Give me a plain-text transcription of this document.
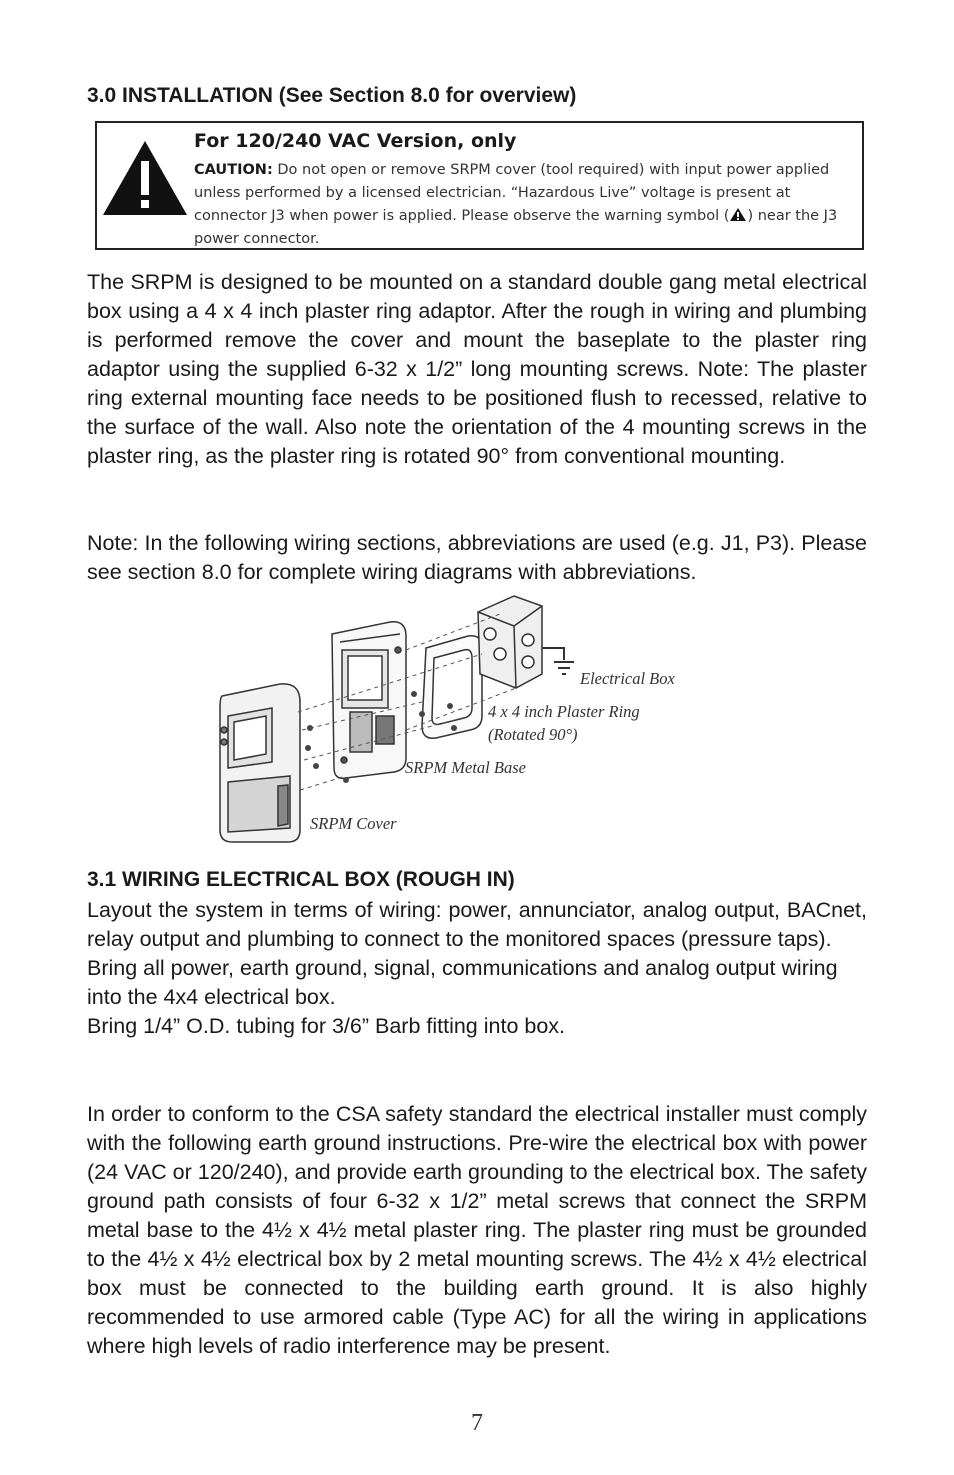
3.0 INSTALLATION (See Section 8.0 for overview)
For 120/240 VAC Version, only
CAUTION: Do not open or remove SRPM cover (tool required) with input power applied unless performed by a licensed electrician. “Hazardous Live” voltage is present at connector J3 when power is applied. Please observe the warning symbol ( ) near the J3 power connector.

The SRPM is designed to be mounted on a standard double gang metal electrical box using a 4 x 4 inch plaster ring adaptor. After the rough in wiring and plumbing is performed remove the cover and mount the baseplate to the plaster ring adaptor using the supplied 6-32 x 1/2” long mounting screws. Note: The plaster ring external mounting face needs to be positioned flush to recessed, relative to the surface of the wall. Also note the orientation of the 4 mounting screws in the plaster ring, as the plaster ring is rotated 90° from conventional mounting.

Note: In the following wiring sections, abbreviations are used (e.g. J1, P3). Please see section 8.0 for complete wiring diagrams with abbreviations.

Electrical Box
4 x 4 inch Plaster Ring
(Rotated 90°)
SRPM Metal Base
SRPM Cover
3.1 WIRING ELECTRICAL BOX (ROUGH IN)
Layout the system in terms of wiring: power, annunciator, analog output, BACnet, relay output and plumbing to connect to the monitored spaces (pressure taps).
Bring all power, earth ground, signal, communications and analog output wiring into the 4x4 electrical box.
Bring 1/4” O.D. tubing for 3/6” Barb fitting into box.

In order to conform to the CSA safety standard the electrical installer must comply with the following earth ground instructions. Pre-wire the electrical box with power (24 VAC or 120/240), and provide earth grounding to the electrical box. The safety ground path consists of four 6-32 x 1/2” metal screws that connect the SRPM metal base to the 4½ x 4½ metal plaster ring. The plaster ring must be grounded to the 4½ x 4½ electrical box by 2 metal mounting screws. The 4½ x 4½ electrical box must be connected to the building earth ground. It is also highly recommended to use armored cable (Type AC) for all the wiring in applications where high levels of radio interference may be present.

7
